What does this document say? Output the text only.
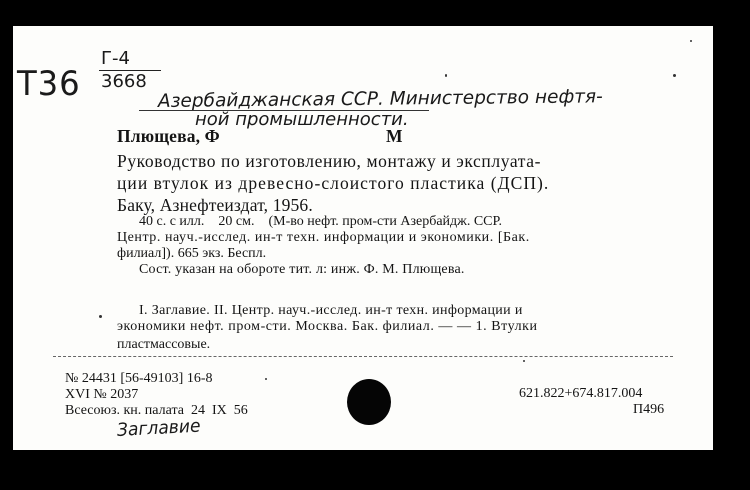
Т36
Г-4
3668
Азербайджанская ССР. Министерство нефтя-
ной промышленности.
Плющева, Ф	М
Руководство по изготовлению, монтажу и эксплуата-
ции втулок из древесно-слоистого пластика (ДСП).
Баку, Азнефтеиздат, 1956.
40 с. с илл.    20 см.    (М-во нефт. пром-сти Азербайдж. ССР.
Центр. науч.-исслед. ин-т техн. информации и экономики. [Бак.
филиал]). 665 экз. Беспл.
Сост. указан на обороте тит. л: инж. Ф. М. Плющева.
I. Заглавие. II. Центр. науч.-исслед. ин-т техн. информации и
экономики нефт. пром-сти. Москва. Бак. филиал. — — 1. Втулки
пластмассовые.
№ 24431 [56-49103] 16-8
XVI № 2037
Всесоюз. кн. палата  24  IX  56
621.822+674.817.004
П496
Заглавие
